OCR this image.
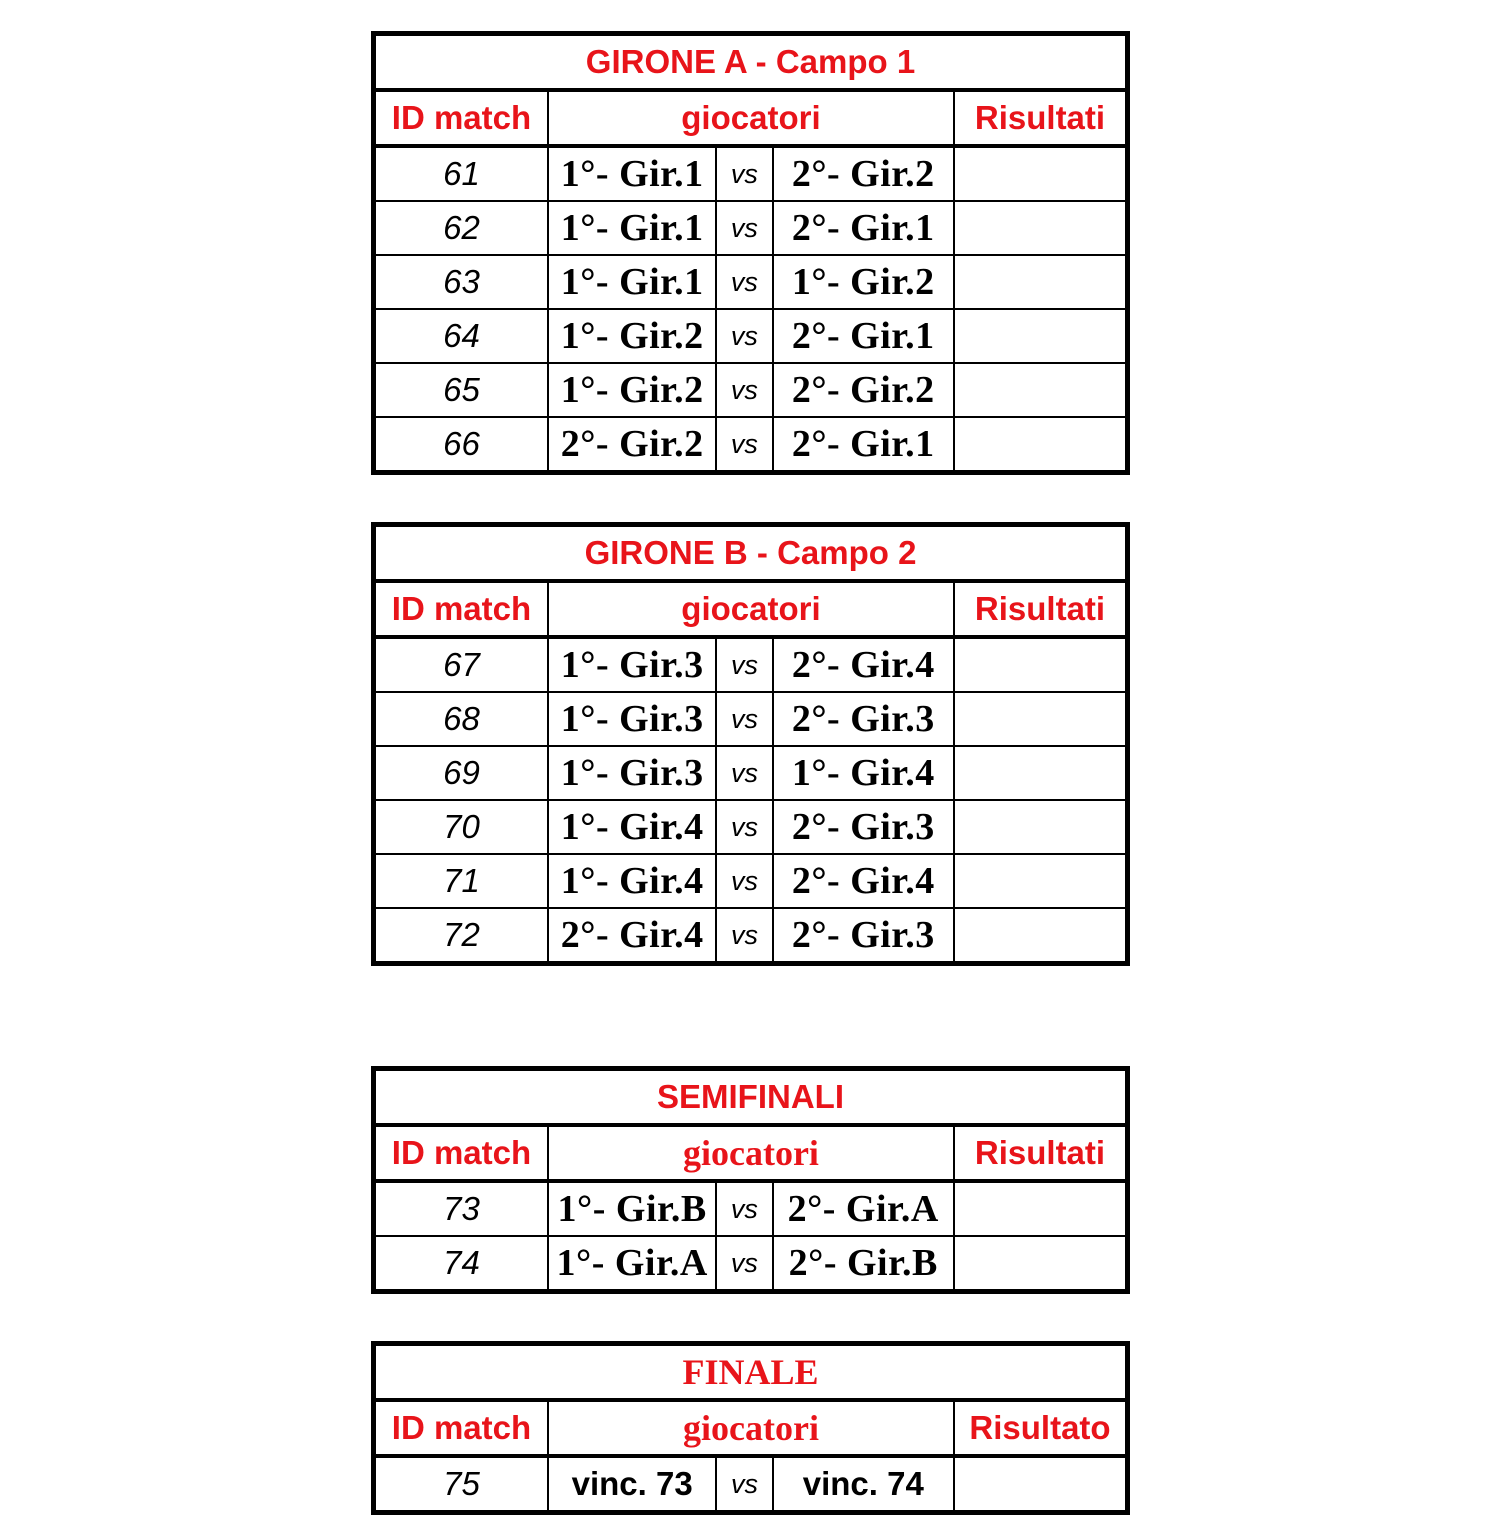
GIRONE A - Campo 1				
ID match	giocatori			Risultati
61	1°- Gir.1	vs	2°- Gir.2	
62	1°- Gir.1	vs	2°- Gir.1	
63	1°- Gir.1	vs	1°- Gir.2	
64	1°- Gir.2	vs	2°- Gir.1	
65	1°- Gir.2	vs	2°- Gir.2	
66	2°- Gir.2	vs	2°- Gir.1	
GIRONE B - Campo 2				
ID match	giocatori			Risultati
67	1°- Gir.3	vs	2°- Gir.4	
68	1°- Gir.3	vs	2°- Gir.3	
69	1°- Gir.3	vs	1°- Gir.4	
70	1°- Gir.4	vs	2°- Gir.3	
71	1°- Gir.4	vs	2°- Gir.4	
72	2°- Gir.4	vs	2°- Gir.3	
SEMIFINALI				
ID match	giocatori			Risultati
73	1°- Gir.B	vs	2°- Gir.A	
74	1°- Gir.A	vs	2°- Gir.B	
FINALE				
ID match	giocatori			Risultato
75	vinc. 73	vs	vinc. 74	
